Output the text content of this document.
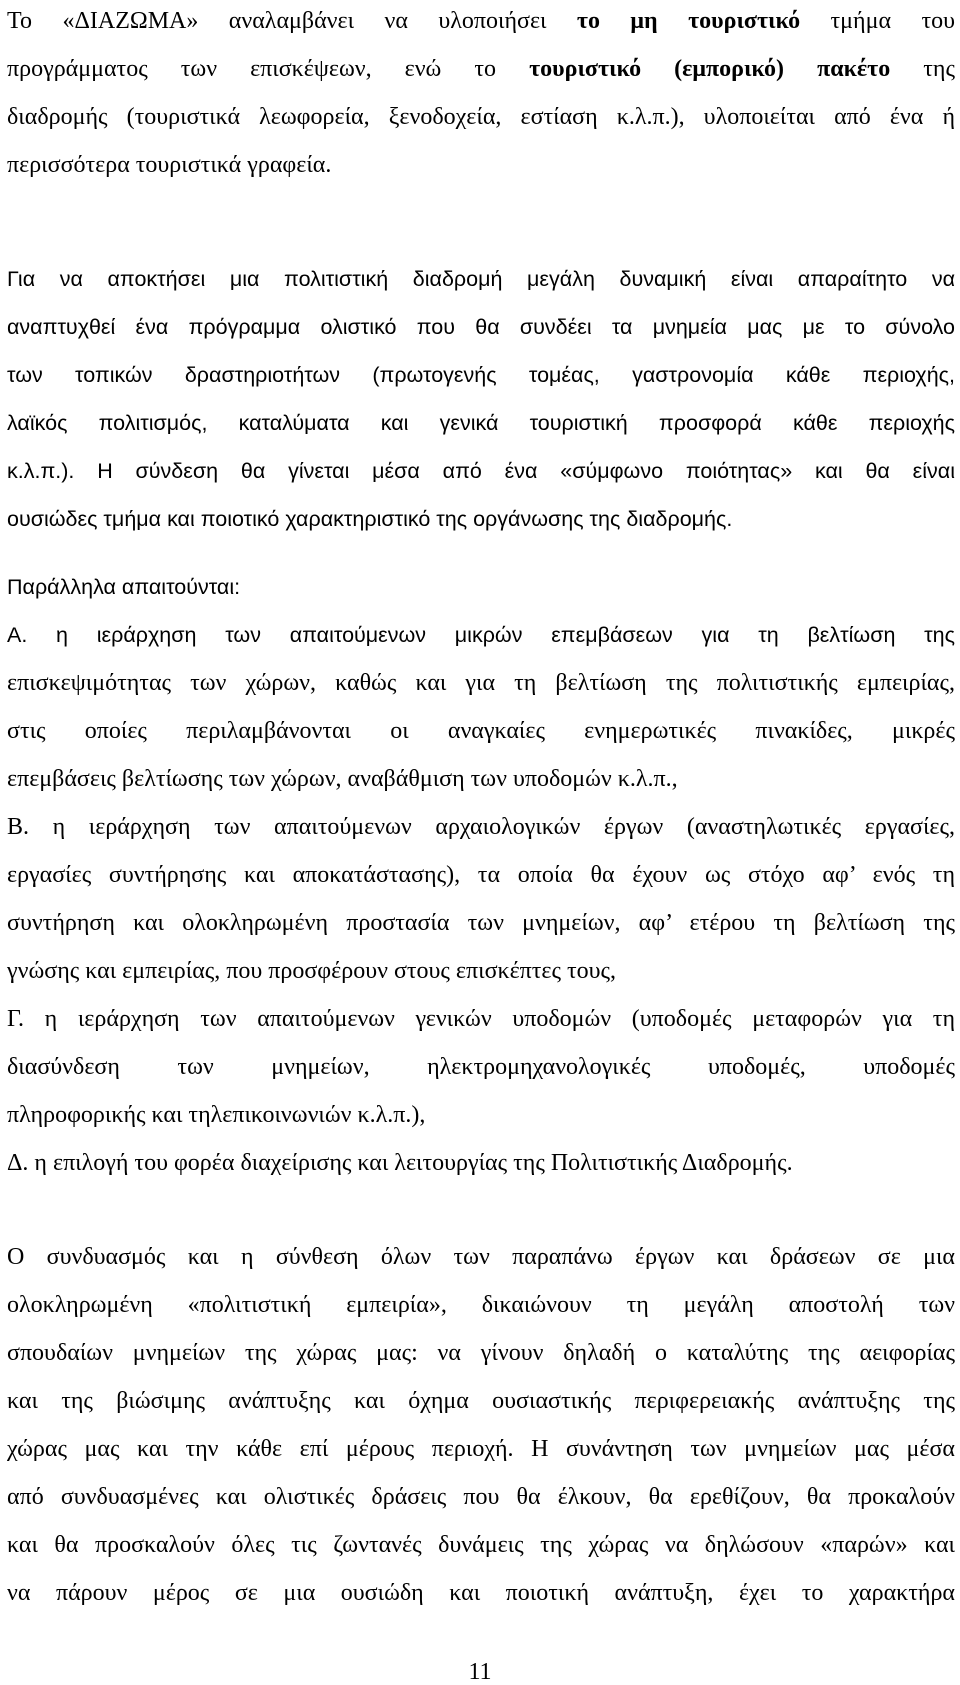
Το «ΔΙΑΖΩΜΑ» αναλαμβάνει να υλοποιήσει το μη τουριστικό τμήμα του

προγράμματος των επισκέψεων, ενώ το τουριστικό (εμπορικό) πακέτο της

διαδρομής (τουριστικά λεωφορεία, ξενοδοχεία, εστίαση κ.λ.π.), υλοποιείται από ένα ή

περισσότερα τουριστικά γραφεία.

Για να αποκτήσει μια πολιτιστική διαδρομή μεγάλη δυναμική είναι απαραίτητο να

αναπτυχθεί ένα πρόγραμμα ολιστικό που θα συνδέει τα μνημεία μας με το σύνολο

των τοπικών δραστηριοτήτων (πρωτογενής τομέας, γαστρονομία κάθε περιοχής,

λαϊκός πολιτισμός, καταλύματα και γενικά τουριστική προσφορά κάθε περιοχής

κ.λ.π.). Η σύνδεση θα γίνεται μέσα από ένα «σύμφωνο ποιότητας» και θα είναι

ουσιώδες τμήμα και ποιοτικό χαρακτηριστικό της οργάνωσης της διαδρομής.

Παράλληλα απαιτούνται:

Α. η ιεράρχηση των απαιτούμενων μικρών επεμβάσεων για τη βελτίωση της

επισκεψιμότητας των χώρων, καθώς και για τη βελτίωση της πολιτιστικής εμπειρίας,

στις οποίες περιλαμβάνονται οι αναγκαίες ενημερωτικές πινακίδες, μικρές

επεμβάσεις βελτίωσης των χώρων, αναβάθμιση των υποδομών κ.λ.π.,

Β. η ιεράρχηση των απαιτούμενων αρχαιολογικών έργων (αναστηλωτικές εργασίες,

εργασίες συντήρησης και αποκατάστασης), τα οποία θα έχουν ως στόχο αφ’ ενός τη

συντήρηση και ολοκληρωμένη προστασία των μνημείων, αφ’ ετέρου τη βελτίωση της

γνώσης και εμπειρίας, που προσφέρουν στους επισκέπτες τους,

Γ. η ιεράρχηση των απαιτούμενων γενικών υποδομών (υποδομές μεταφορών για τη

διασύνδεση των μνημείων, ηλεκτρομηχανολογικές υποδομές, υποδομές

πληροφορικής και τηλεπικοινωνιών κ.λ.π.),

Δ. η επιλογή του φορέα διαχείρισης και λειτουργίας της Πολιτιστικής Διαδρομής.

Ο συνδυασμός και η σύνθεση όλων των παραπάνω έργων και δράσεων σε μια

ολοκληρωμένη «πολιτιστική εμπειρία», δικαιώνουν τη μεγάλη αποστολή των

σπουδαίων μνημείων της χώρας μας: να γίνουν δηλαδή ο καταλύτης της αειφορίας

και της βιώσιμης ανάπτυξης και όχημα ουσιαστικής περιφερειακής ανάπτυξης της

χώρας μας και την κάθε επί μέρους περιοχή. Η συνάντηση των μνημείων μας μέσα

από συνδυασμένες και ολιστικές δράσεις που θα έλκουν, θα ερεθίζουν, θα προκαλούν

και θα προσκαλούν όλες τις ζωντανές δυνάμεις της χώρας να δηλώσουν «παρών» και

να πάρουν μέρος σε μια ουσιώδη και ποιοτική ανάπτυξη, έχει το χαρακτήρα

11
